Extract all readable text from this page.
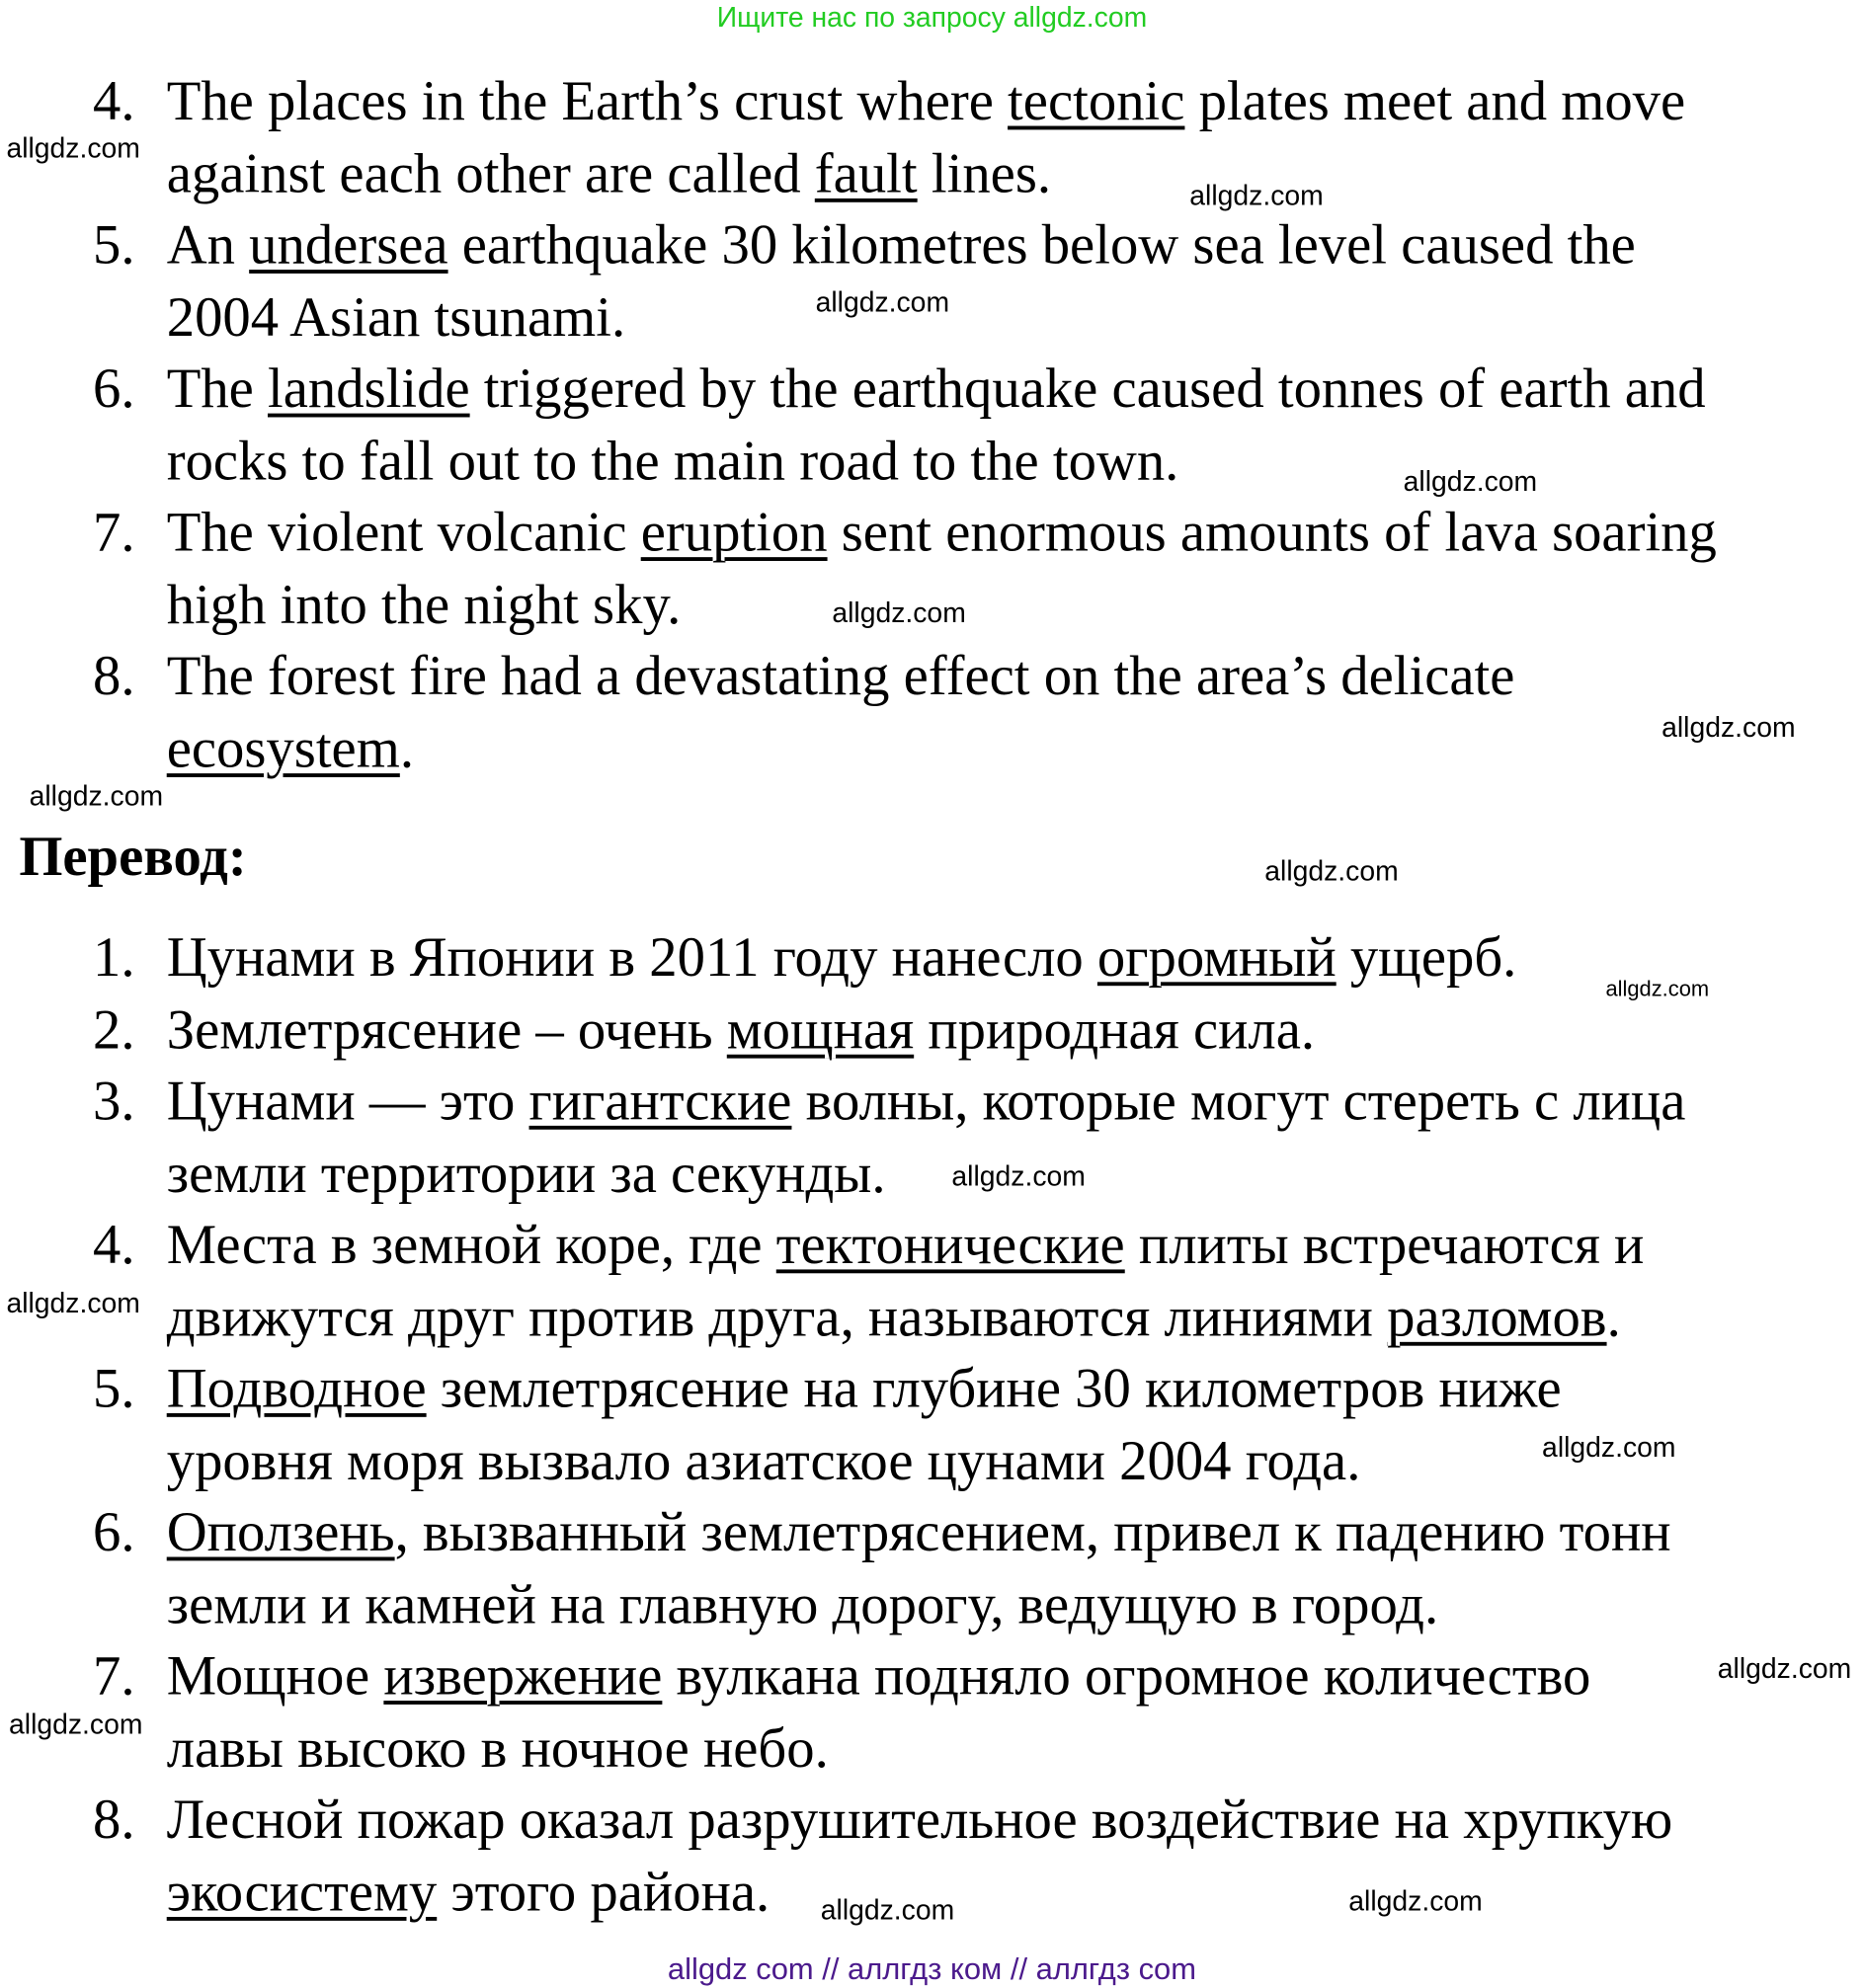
Ищите нас по запросу allgdz.com
4. The places in the Earth’s crust where tectonic plates meet and move
against each other are called fault lines.
5. An undersea earthquake 30 kilometres below sea level caused the
2004 Asian tsunami.
6. The landslide triggered by the earthquake caused tonnes of earth and
rocks to fall out to the main road to the town.
7. The violent volcanic eruption sent enormous amounts of lava soaring
high into the night sky.
8. The forest fire had a devastating effect on the area’s delicate
ecosystem.
Перевод:
1. Цунами в Японии в 2011 году нанесло огромный ущерб.
2. Землетрясение – очень мощная природная сила.
3. Цунами — это гигантские волны, которые могут стереть с лица
земли территории за секунды.
4. Места в земной коре, где тектонические плиты встречаются и
движутся друг против друга, называются линиями разломов.
5. Подводное землетрясение на глубине 30 километров ниже
уровня моря вызвало азиатское цунами 2004 года.
6. Оползень, вызванный землетрясением, привел к падению тонн
земли и камней на главную дорогу, ведущую в город.
7. Мощное извержение вулкана подняло огромное количество
лавы высоко в ночное небо.
8. Лесной пожар оказал разрушительное воздействие на хрупкую
экосистему этого района.
allgdz.com
allgdz.com
allgdz.com
allgdz.com
allgdz.com
allgdz.com
allgdz.com
allgdz.com
allgdz.com
allgdz.com
allgdz.com
allgdz.com
allgdz.com
allgdz.com
allgdz.com
allgdz.com
allgdz com // аллгдз ком // аллгдз com
